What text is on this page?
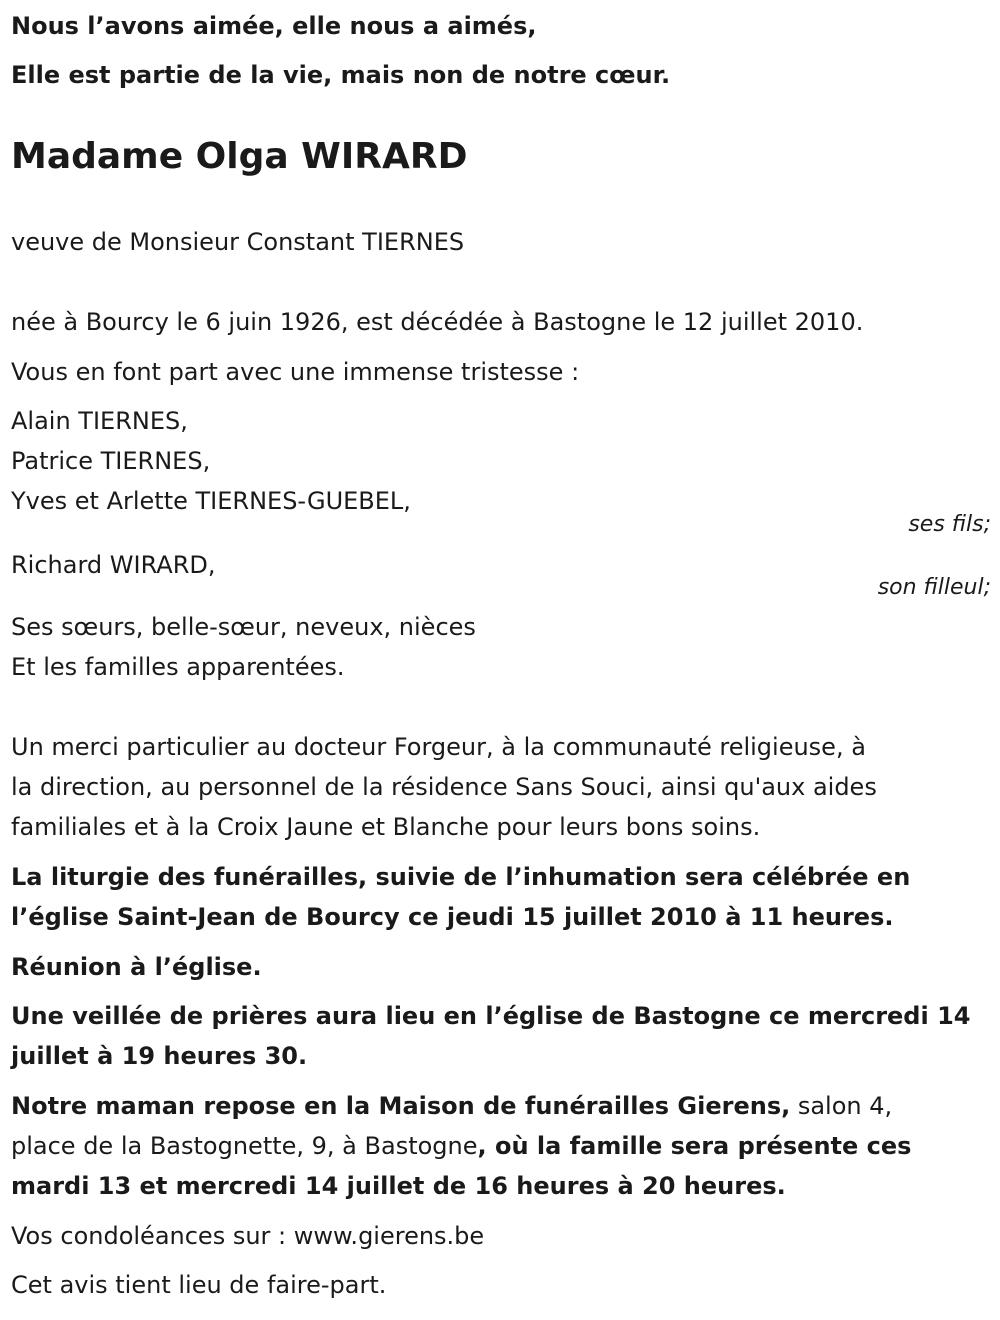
Nous l’avons aimée, elle nous a aimés,
Elle est partie de la vie, mais non de notre cœur.
Madame Olga WIRARD
veuve de Monsieur Constant TIERNES
née à Bourcy le 6 juin 1926, est décédée à Bastogne le 12 juillet 2010.
Vous en font part avec une immense tristesse :
Alain TIERNES,
Patrice TIERNES,
Yves et Arlette TIERNES-GUEBEL,
ses fils;
Richard WIRARD,
son filleul;
Ses sœurs, belle-sœur, neveux, nièces
Et les familles apparentées.
Un merci particulier au docteur Forgeur, à la communauté religieuse, à
la direction, au personnel de la résidence Sans Souci, ainsi qu'aux aides
familiales et à la Croix Jaune et Blanche pour leurs bons soins.
La liturgie des funérailles, suivie de l’inhumation sera célébrée en
l’église Saint-Jean de Bourcy ce jeudi 15 juillet 2010 à 11 heures.
Réunion à l’église.
Une veillée de prières aura lieu en l’église de Bastogne ce mercredi 14
juillet à 19 heures 30.
Notre maman repose en la Maison de funérailles Gierens, salon 4,
place de la Bastognette, 9, à Bastogne, où la famille sera présente ces
mardi 13 et mercredi 14 juillet de 16 heures à 20 heures.
Vos condoléances sur : www.gierens.be
Cet avis tient lieu de faire-part.
